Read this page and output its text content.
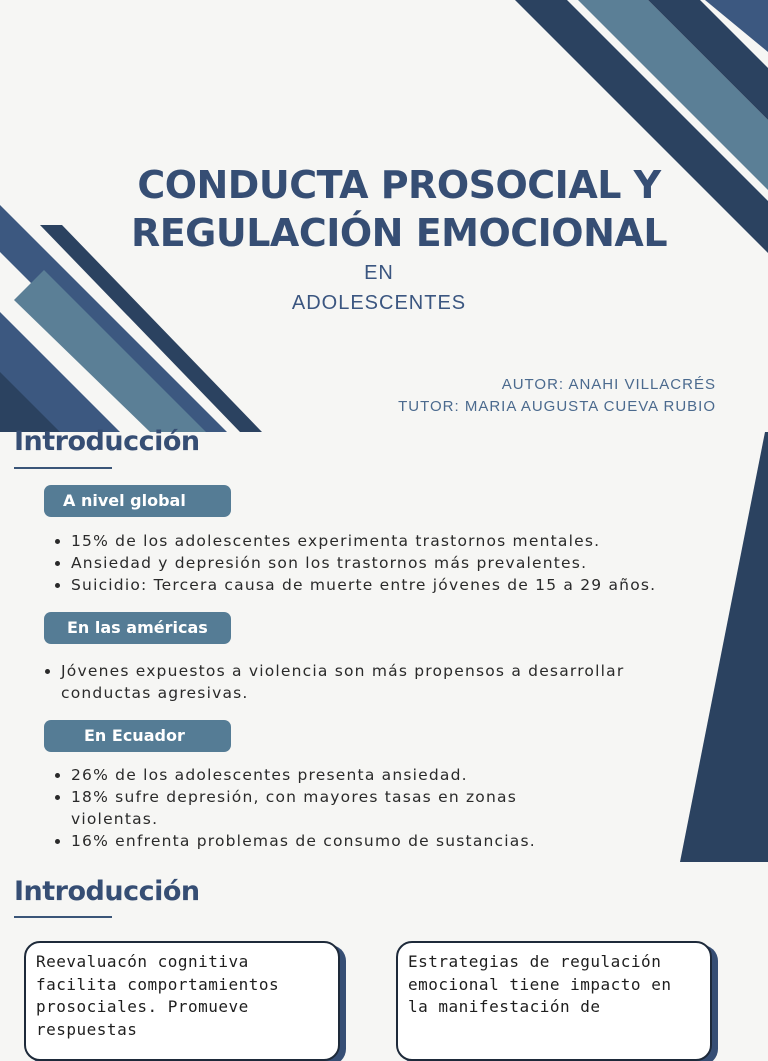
CONDUCTA PROSOCIAL Y
REGULACIÓN EMOCIONAL
EN
ADOLESCENTES
AUTOR: ANAHI VILLACRÉS
TUTOR: MARIA AUGUSTA CUEVA RUBIO
Introducción
A nivel global
15% de los adolescentes experimenta trastornos mentales.
Ansiedad y depresión son los trastornos más prevalentes.
Suicidio: Tercera causa de muerte entre jóvenes de 15 a 29 años.
En las américas
Jóvenes expuestos a violencia son más propensos a desarrollar conductas agresivas.
En Ecuador
26% de los adolescentes presenta ansiedad.
18% sufre depresión, con mayores tasas en zonas violentas.
16% enfrenta problemas de consumo de sustancias.
Introducción
Reevaluacón cognitiva facilita comportamientos prosociales. Promueve respuestas
Estrategias de regulación emocional tiene impacto en la manifestación de
